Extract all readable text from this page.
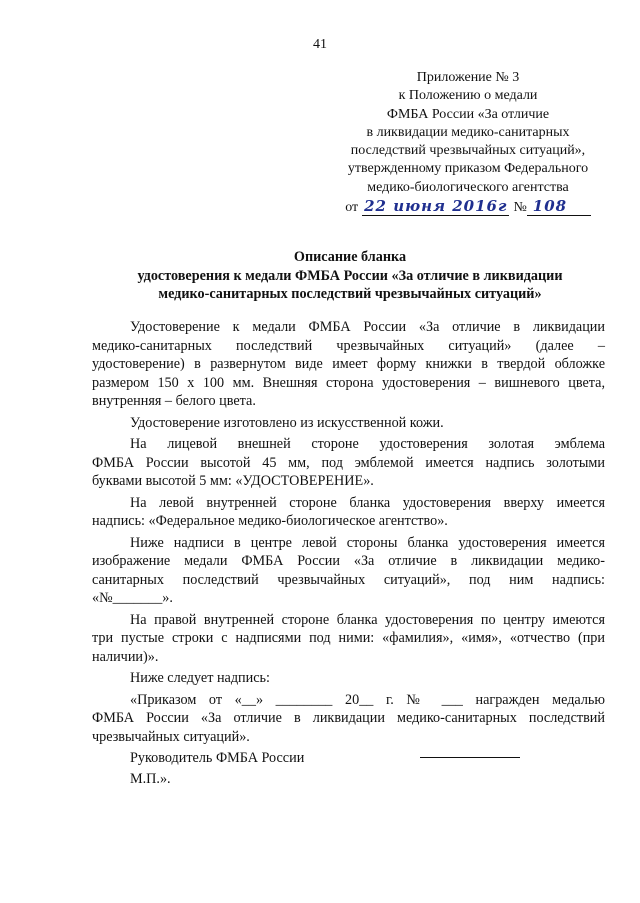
41
Приложение № 3
к Положению о медали
ФМБА России «За отличие
в ликвидации медико-санитарных
последствий чрезвычайных ситуаций»,
утвержденному приказом Федерального
медико-биологического агентства
от 22 июня 2016г № 108
Описание бланка
удостоверения к медали ФМБА России «За отличие в ликвидации
медико-санитарных последствий чрезвычайных ситуаций»
Удостоверение к медали ФМБА России «За отличие в ликвидации
медико-санитарных последствий чрезвычайных ситуаций» (далее –
удостоверение) в развернутом виде имеет форму книжки в твердой обложке
размером 150 х 100 мм. Внешняя сторона удостоверения – вишневого цвета,
внутренняя – белого цвета.
Удостоверение изготовлено из искусственной кожи.
На лицевой внешней стороне удостоверения золотая эмблема
ФМБА России высотой 45 мм, под эмблемой имеется надпись золотыми
буквами высотой 5 мм: «УДОСТОВЕРЕНИЕ».
На левой внутренней стороне бланка удостоверения вверху имеется
надпись: «Федеральное медико-биологическое агентство».
Ниже надписи в центре левой стороны бланка удостоверения имеется
изображение медали ФМБА России «За отличие в ликвидации медико-
санитарных последствий чрезвычайных ситуаций», под ним надпись:
«№_______».
На правой внутренней стороне бланка удостоверения по центру имеются
три пустые строки с надписями под ними: «фамилия», «имя», «отчество (при
наличии)».
Ниже следует надпись:
«Приказом от «__» ________ 20__ г. № ___ награжден медалью
ФМБА России «За отличие в ликвидации медико-санитарных последствий
чрезвычайных ситуаций».
Руководитель ФМБА России
М.П.».
